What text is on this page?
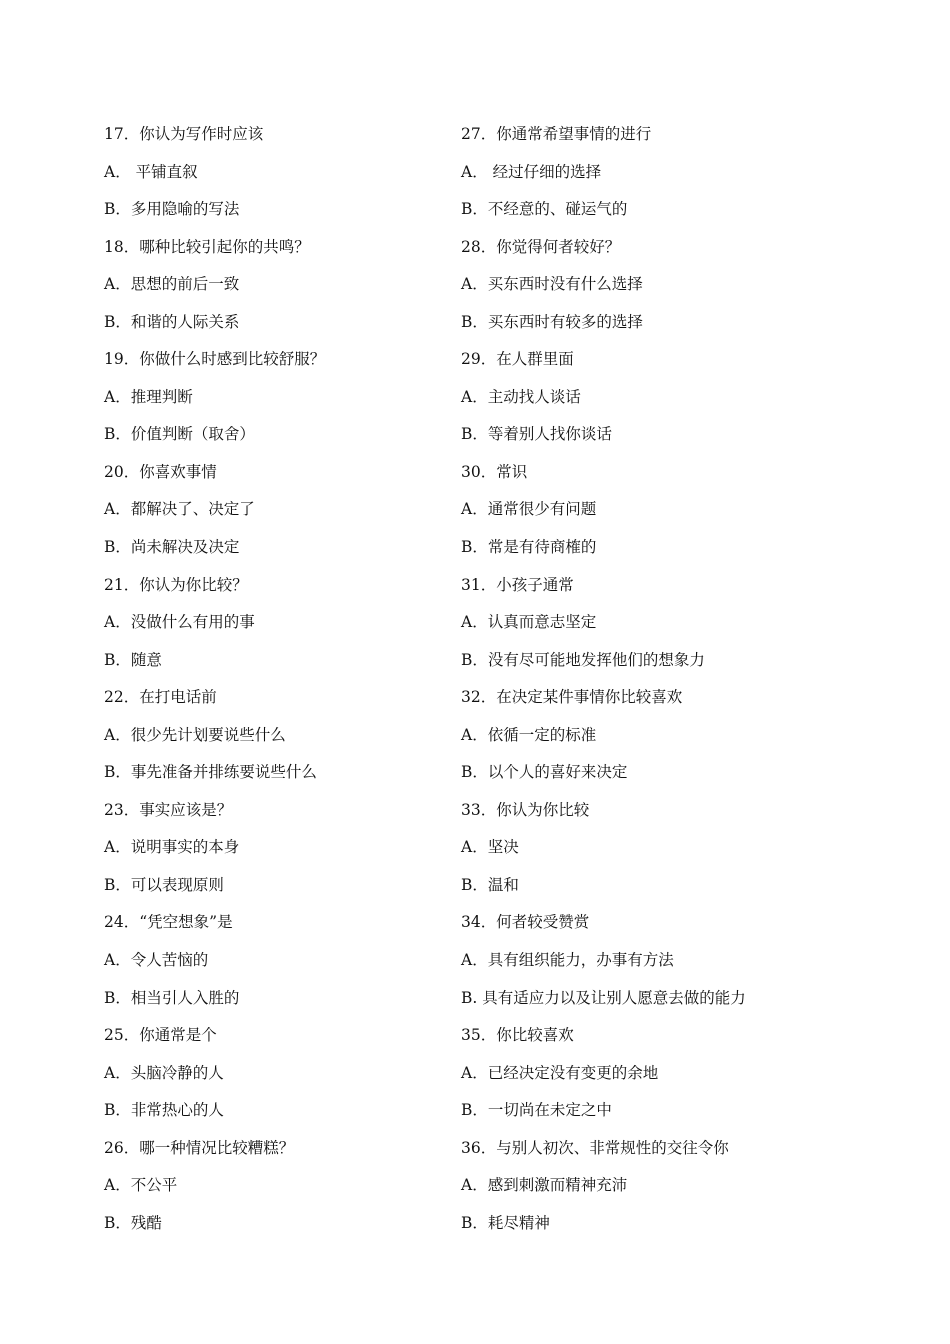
17．你认为写作时应该
A． 平铺直叙
B．多用隐喻的写法
18．哪种比较引起你的共鸣？
A．思想的前后一致
B．和谐的人际关系
19．你做什么时感到比较舒服？
A．推理判断
B．价值判断（取舍）
20．你喜欢事情
A．都解决了、决定了
B．尚未解决及决定
21．你认为你比较？
A．没做什么有用的事
B．随意
22．在打电话前
A．很少先计划要说些什么
B．事先准备并排练要说些什么
23．事实应该是？
A．说明事实的本身
B．可以表现原则
24．“凭空想象”是
A．令人苦恼的
B．相当引人入胜的
25．你通常是个
A．头脑冷静的人
B．非常热心的人
26．哪一种情况比较糟糕？
A．不公平
B．残酷
27．你通常希望事情的进行
A． 经过仔细的选择
B．不经意的、碰运气的
28．你觉得何者较好？
A．买东西时没有什么选择
B．买东西时有较多的选择
29．在人群里面
A．主动找人谈话
B．等着别人找你谈话
30．常识
A．通常很少有问题
B．常是有待商榷的
31．小孩子通常
A．认真而意志坚定
B．没有尽可能地发挥他们的想象力
32．在决定某件事情你比较喜欢
A．依循一定的标准
B．以个人的喜好来决定
33．你认为你比较
A．坚决
B．温和
34．何者较受赞赏
A．具有组织能力，办事有方法
B. 具有适应力以及让别人愿意去做的能力
35．你比较喜欢
A．已经决定没有变更的余地
B．一切尚在未定之中
36．与别人初次、非常规性的交往令你
A．感到刺激而精神充沛
B．耗尽精神
